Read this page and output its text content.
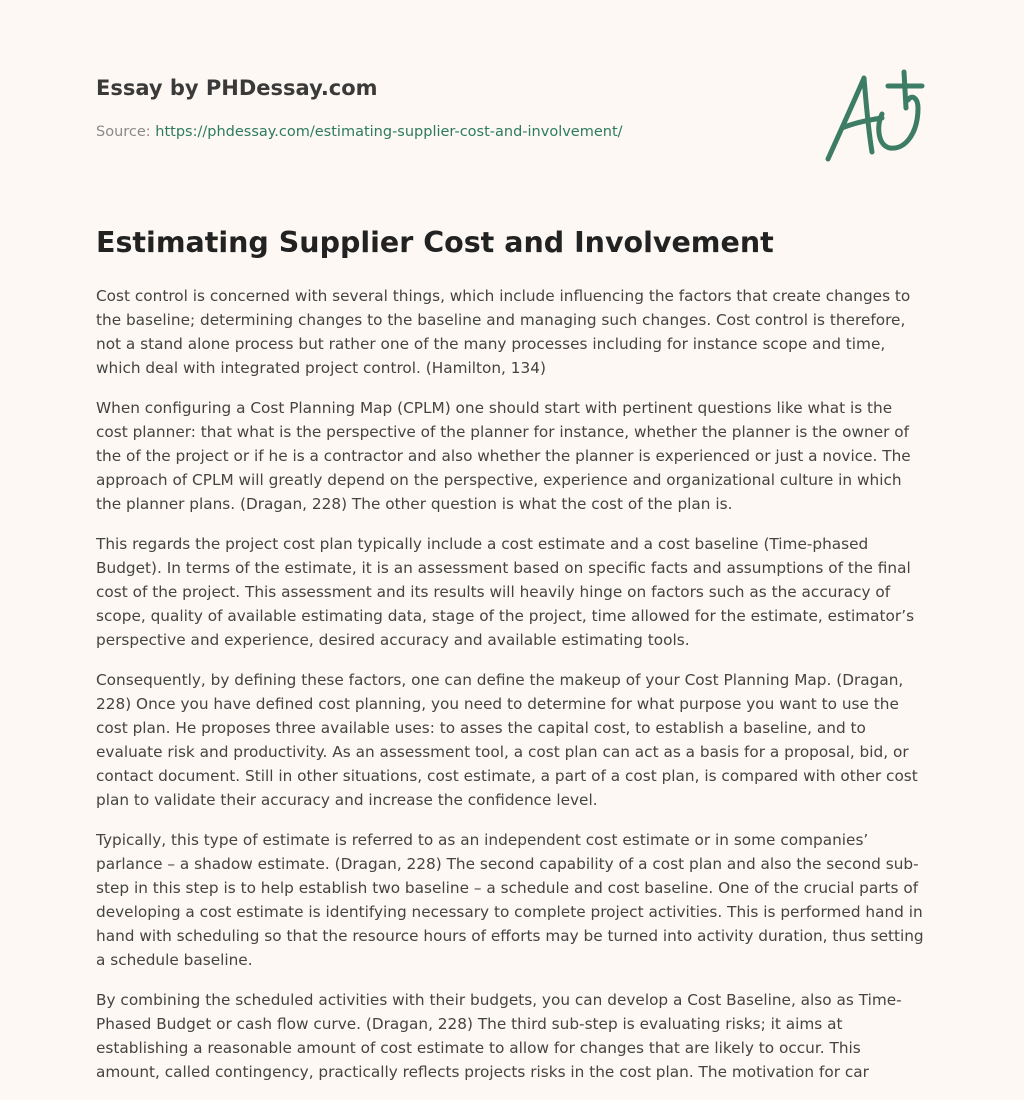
Essay by PHDessay.com
Source: https://phdessay.com/estimating-supplier-cost-and-involvement/
Estimating Supplier Cost and Involvement

Cost control is concerned with several things, which include influencing the factors that create changes to the baseline; determining changes to the baseline and managing such changes. Cost control is therefore, not a stand alone process but rather one of the many processes including for instance scope and time, which deal with integrated project control. (Hamilton, 134)

When configuring a Cost Planning Map (CPLM) one should start with pertinent questions like what is the cost planner: that what is the perspective of the planner for instance, whether the planner is the owner of the of the project or if he is a contractor and also whether the planner is experienced or just a novice. The approach of CPLM will greatly depend on the perspective, experience and organizational culture in which the planner plans. (Dragan, 228) The other question is what the cost of the plan is.

This regards the project cost plan typically include a cost estimate and a cost baseline (Time-phased Budget). In terms of the estimate, it is an assessment based on specific facts and assumptions of the final cost of the project. This assessment and its results will heavily hinge on factors such as the accuracy of scope, quality of available estimating data, stage of the project, time allowed for the estimate, estimator’s perspective and experience, desired accuracy and available estimating tools.

Consequently, by defining these factors, one can define the makeup of your Cost Planning Map. (Dragan, 228) Once you have defined cost planning, you need to determine for what purpose you want to use the cost plan. He proposes three available uses: to asses the capital cost, to establish a baseline, and to evaluate risk and productivity. As an assessment tool, a cost plan can act as a basis for a proposal, bid, or contact document. Still in other situations, cost estimate, a part of a cost plan, is compared with other cost plan to validate their accuracy and increase the confidence level.

Typically, this type of estimate is referred to as an independent cost estimate or in some companies’ parlance – a shadow estimate. (Dragan, 228) The second capability of a cost plan and also the second sub-step in this step is to help establish two baseline – a schedule and cost baseline. One of the crucial parts of developing a cost estimate is identifying necessary to complete project activities. This is performed hand in hand with scheduling so that the resource hours of efforts may be turned into activity duration, thus setting a schedule baseline.

By combining the scheduled activities with their budgets, you can develop a Cost Baseline, also as Time- Phased Budget or cash flow curve. (Dragan, 228) The third sub-step is evaluating risks; it aims at establishing a reasonable amount of cost estimate to allow for changes that are likely to occur. This amount, called contingency, practically reflects projects risks in the cost plan. The motivation for car
